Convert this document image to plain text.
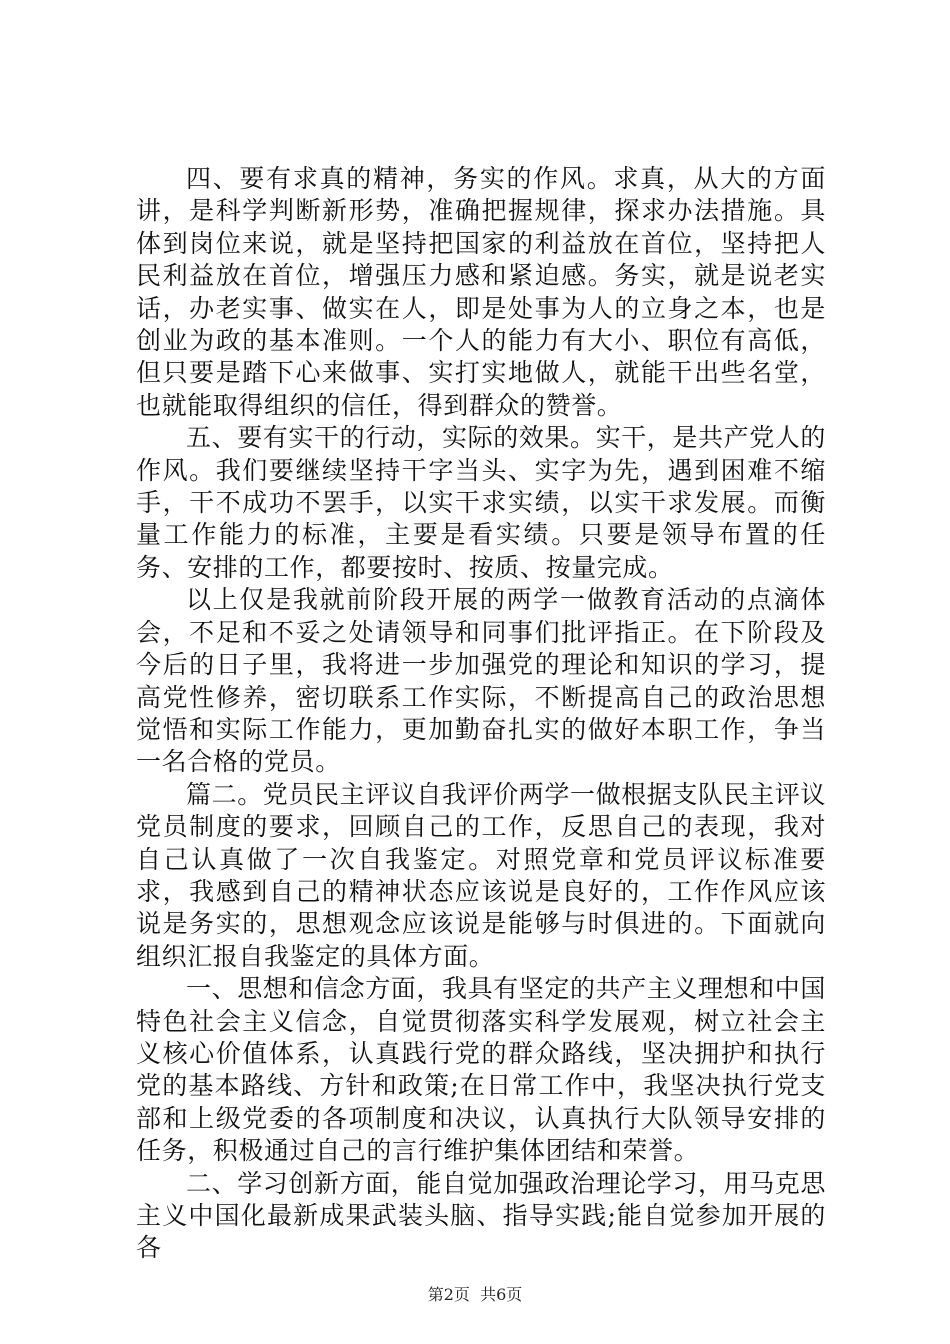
四、要有求真的精神，务实的作风。求真，从大的方面讲，是科学判断新形势，准确把握规律，探求办法措施。具体到岗位来说，就是坚持把国家的利益放在首位，坚持把人民利益放在首位，增强压力感和紧迫感。务实，就是说老实话，办老实事、做实在人，即是处事为人的立身之本，也是创业为政的基本准则。一个人的能力有大小、职位有高低，但只要是踏下心来做事、实打实地做人，就能干出些名堂，也就能取得组织的信任，得到群众的赞誉。

五、要有实干的行动，实际的效果。实干，是共产党人的作风。我们要继续坚持干字当头、实字为先，遇到困难不缩手，干不成功不罢手，以实干求实绩，以实干求发展。而衡量工作能力的标准，主要是看实绩。只要是领导布置的任务、安排的工作，都要按时、按质、按量完成。

以上仅是我就前阶段开展的两学一做教育活动的点滴体会，不足和不妥之处请领导和同事们批评指正。在下阶段及今后的日子里，我将进一步加强党的理论和知识的学习，提高党性修养，密切联系工作实际，不断提高自己的政治思想觉悟和实际工作能力，更加勤奋扎实的做好本职工作，争当一名合格的党员。

篇二。党员民主评议自我评价两学一做根据支队民主评议党员制度的要求，回顾自己的工作，反思自己的表现，我对自己认真做了一次自我鉴定。对照党章和党员评议标准要求，我感到自己的精神状态应该说是良好的，工作作风应该说是务实的，思想观念应该说是能够与时俱进的。下面就向组织汇报自我鉴定的具体方面。

一、思想和信念方面，我具有坚定的共产主义理想和中国特色社会主义信念，自觉贯彻落实科学发展观，树立社会主义核心价值体系，认真践行党的群众路线，坚决拥护和执行党的基本路线、方针和政策;在日常工作中，我坚决执行党支部和上级党委的各项制度和决议，认真执行大队领导安排的任务，积极通过自己的言行维护集体团结和荣誉。

二、学习创新方面，能自觉加强政治理论学习，用马克思主义中国化最新成果武装头脑、指导实践;能自觉参加开展的各

第2页 共6页
